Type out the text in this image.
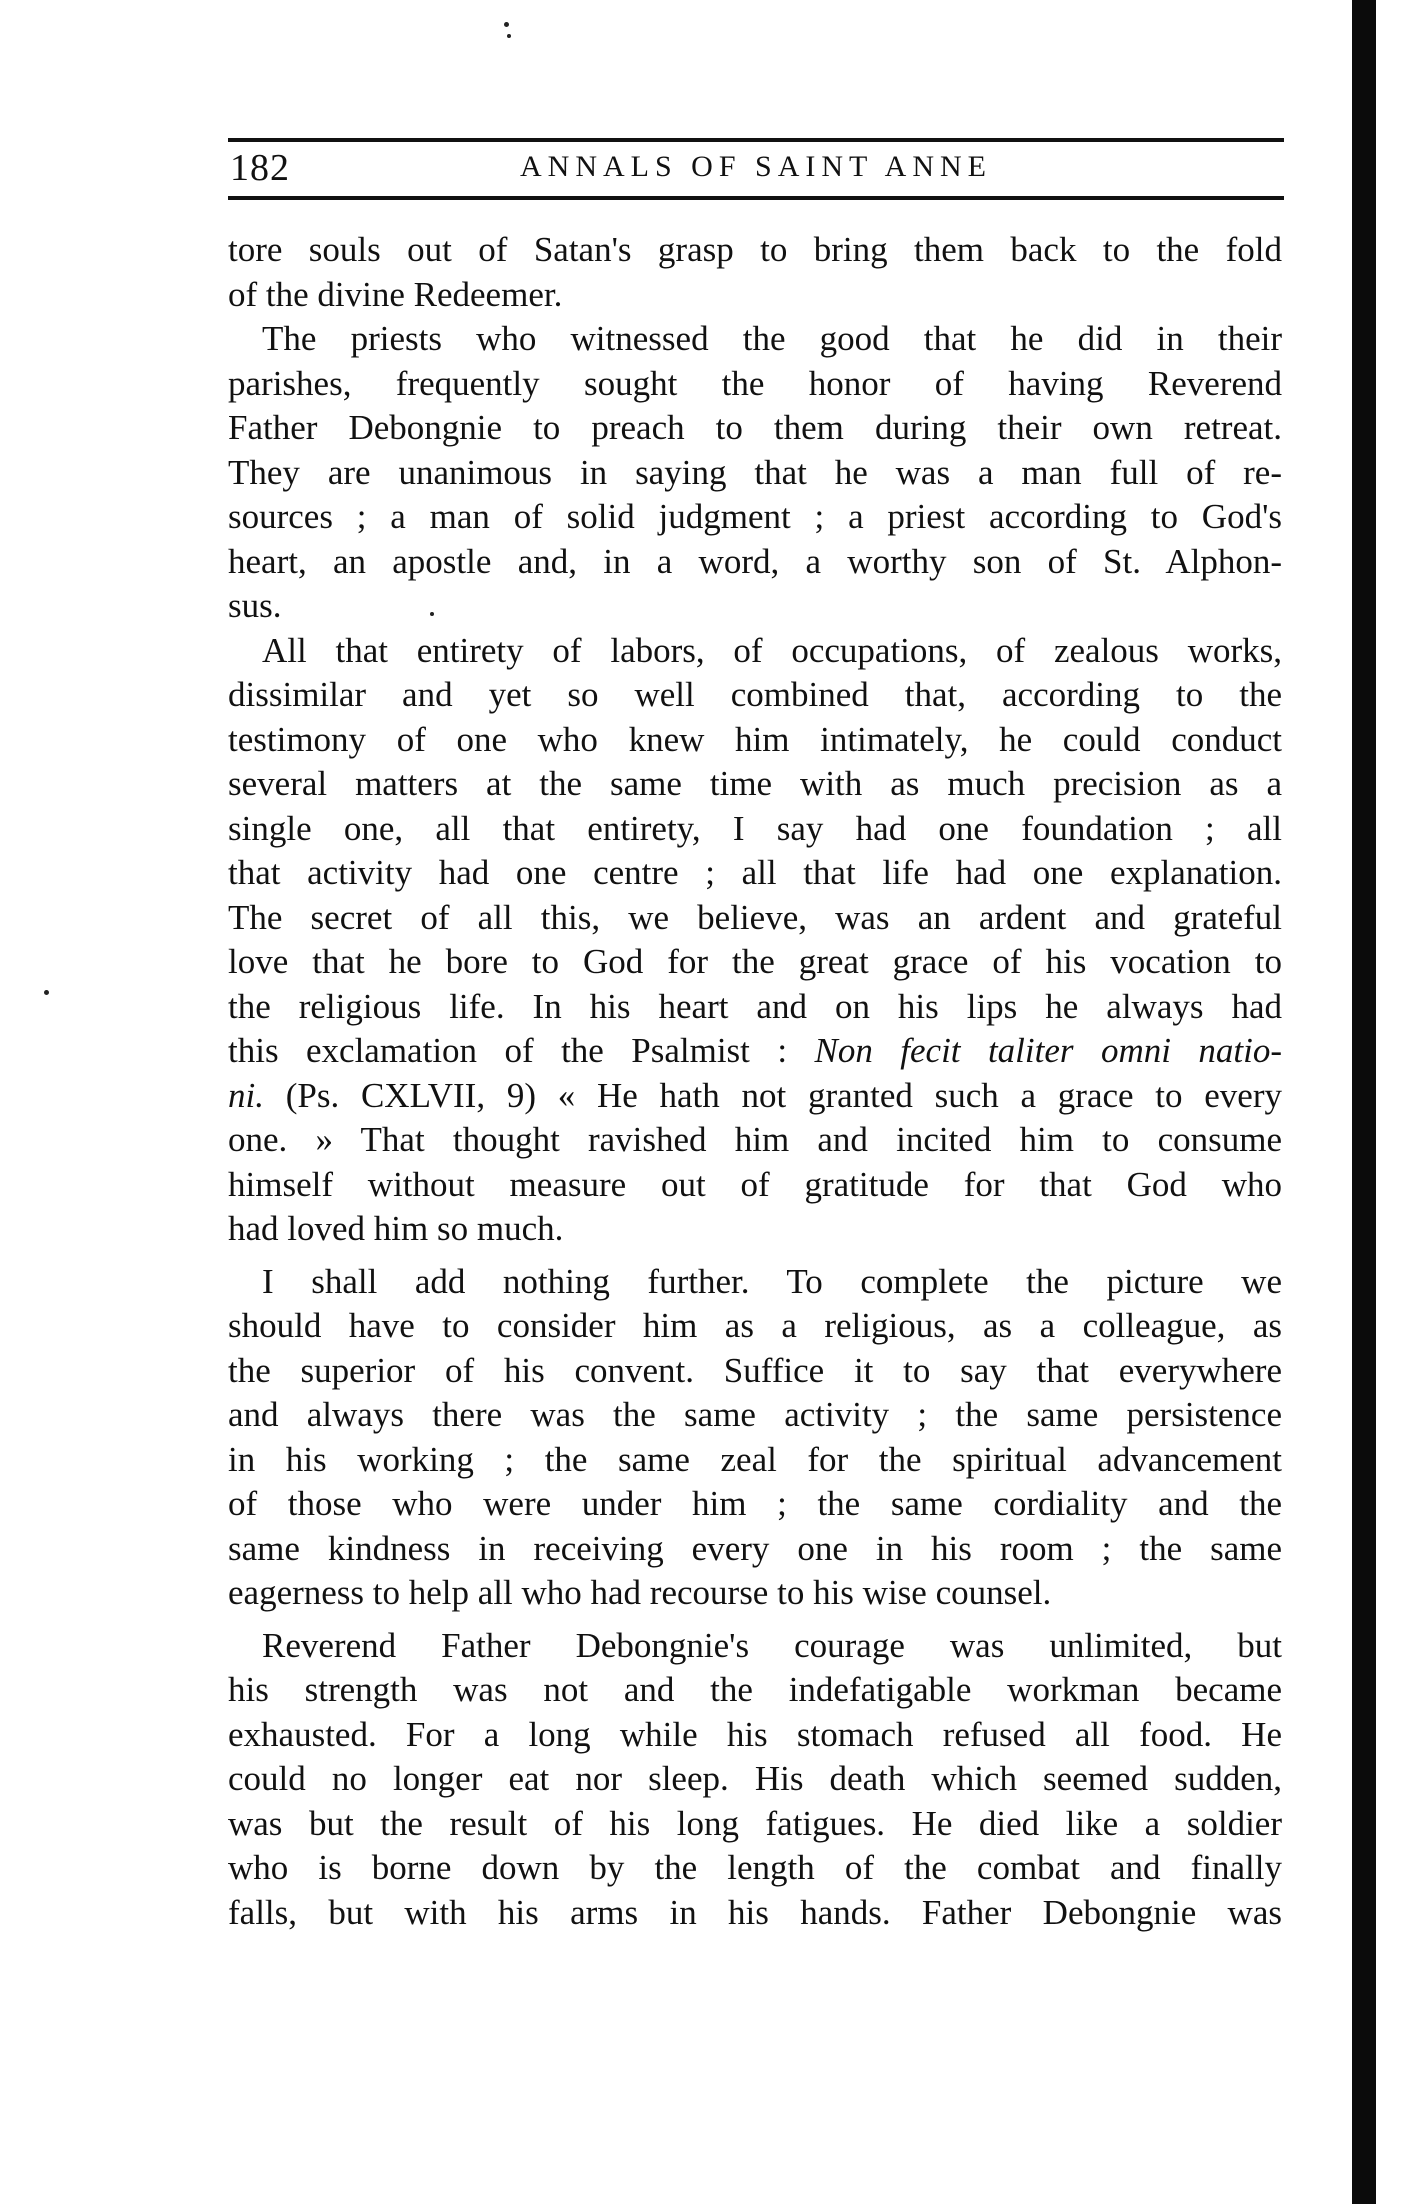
182	ANNALS OF SAINT ANNE
tore souls out of Satan's grasp to bring them back to the fold
of the divine Redeemer.
The priests who witnessed the good that he did in their
parishes, frequently sought the honor of having Reverend
Father Debongnie to preach to them during their own retreat.
They are unanimous in saying that he was a man full of re-
sources ; a man of solid judgment ; a priest according to God's
heart, an apostle and, in a word, a worthy son of St. Alphon-
sus.
All that entirety of labors, of occupations, of zealous works,
dissimilar and yet so well combined that, according to the
testimony of one who knew him intimately, he could conduct
several matters at the same time with as much precision as a
single one, all that entirety, I say had one foundation ; all
that activity had one centre ; all that life had one explanation.
The secret of all this, we believe, was an ardent and grateful
love that he bore to God for the great grace of his vocation to
the religious life. In his heart and on his lips he always had
this exclamation of the Psalmist : Non fecit taliter omni natio-
ni. (Ps. CXLVII, 9) « He hath not granted such a grace to every
one. » That thought ravished him and incited him to consume
himself without measure out of gratitude for that God who
had loved him so much.
I shall add nothing further. To complete the picture we
should have to consider him as a religious, as a colleague, as
the superior of his convent. Suffice it to say that everywhere
and always there was the same activity ; the same persistence
in his working ; the same zeal for the spiritual advancement
of those who were under him ; the same cordiality and the
same kindness in receiving every one in his room ; the same
eagerness to help all who had recourse to his wise counsel.
Reverend Father Debongnie's courage was unlimited, but
his strength was not and the indefatigable workman became
exhausted. For a long while his stomach refused all food. He
could no longer eat nor sleep. His death which seemed sudden,
was but the result of his long fatigues. He died like a soldier
who is borne down by the length of the combat and finally
falls, but with his arms in his hands. Father Debongnie was
